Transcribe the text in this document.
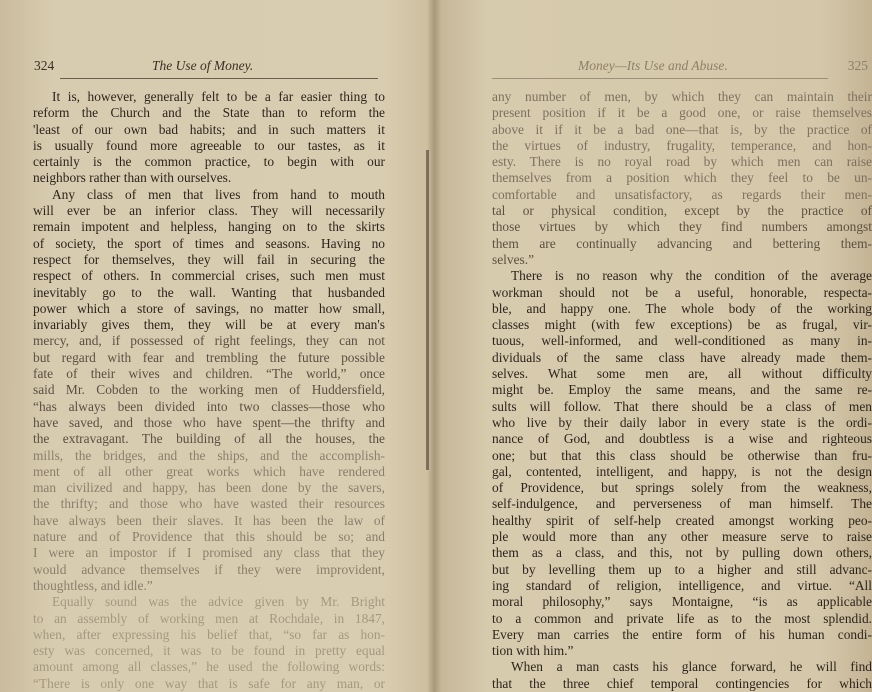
324	The Use of Money.
It is, however, generally felt to be a far easier thing to
reform the Church and the State than to reform the
'least of our own bad habits; and in such matters it
is usually found more agreeable to our tastes, as it
certainly is the common practice, to begin with our
neighbors rather than with ourselves.
Any class of men that lives from hand to mouth
will ever be an inferior class. They will necessarily
remain impotent and helpless, hanging on to the skirts
of society, the sport of times and seasons. Having no
respect for themselves, they will fail in securing the
respect of others. In commercial crises, such men must
inevitably go to the wall. Wanting that husbanded
power which a store of savings, no matter how small,
invariably gives them, they will be at every man's
mercy, and, if possessed of right feelings, they can not
but regard with fear and trembling the future possible
fate of their wives and children. “The world,” once
said Mr. Cobden to the working men of Huddersfield,
“has always been divided into two classes—those who
have saved, and those who have spent—the thrifty and
the extravagant. The building of all the houses, the
mills, the bridges, and the ships, and the accomplish-
ment of all other great works which have rendered
man civilized and happy, has been done by the savers,
the thrifty; and those who have wasted their resources
have always been their slaves. It has been the law of
nature and of Providence that this should be so; and
I were an impostor if I promised any class that they
would advance themselves if they were improvident,
thoughtless, and idle.”
Equally sound was the advice given by Mr. Bright
to an assembly of working men at Rochdale, in 1847,
when, after expressing his belief that, “so far as hon-
esty was concerned, it was to be found in pretty equal
amount among all classes,” he used the following words:
“There is only one way that is safe for any man, or
Money—Its Use and Abuse.	325
any number of men, by which they can maintain their
present position if it be a good one, or raise themselves
above it if it be a bad one—that is, by the practice of
the virtues of industry, frugality, temperance, and hon-
esty. There is no royal road by which men can raise
themselves from a position which they feel to be un-
comfortable and unsatisfactory, as regards their men-
tal or physical condition, except by the practice of
those virtues by which they find numbers amongst
them are continually advancing and bettering them-
selves.”
There is no reason why the condition of the average
workman should not be a useful, honorable, respecta-
ble, and happy one. The whole body of the working
classes might (with few exceptions) be as frugal, vir-
tuous, well-informed, and well-conditioned as many in-
dividuals of the same class have already made them-
selves. What some men are, all without difficulty
might be. Employ the same means, and the same re-
sults will follow. That there should be a class of men
who live by their daily labor in every state is the ordi-
nance of God, and doubtless is a wise and righteous
one; but that this class should be otherwise than fru-
gal, contented, intelligent, and happy, is not the design
of Providence, but springs solely from the weakness,
self-indulgence, and perverseness of man himself. The
healthy spirit of self-help created amongst working peo-
ple would more than any other measure serve to raise
them as a class, and this, not by pulling down others,
but by levelling them up to a higher and still advanc-
ing standard of religion, intelligence, and virtue. “All
moral philosophy,” says Montaigne, “is as applicable
to a common and private life as to the most splendid.
Every man carries the entire form of his human condi-
tion with him.”
When a man casts his glance forward, he will find
that the three chief temporal contingencies for which
